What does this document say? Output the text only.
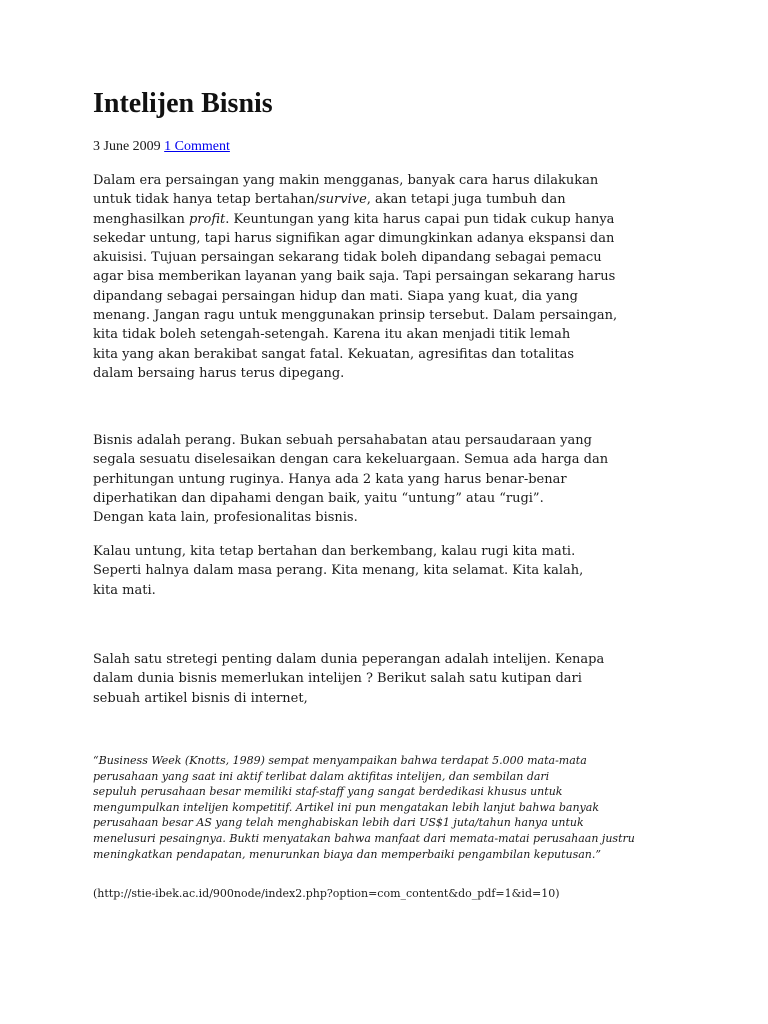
Intelijen Bisnis
3 June 2009 1 Comment

Dalam era persaingan yang makin mengganas, banyak cara harus dilakukan
untuk tidak hanya tetap bertahan/survive, akan tetapi juga tumbuh dan
menghasilkan profit. Keuntungan yang kita harus capai pun tidak cukup hanya
sekedar untung, tapi harus signifikan agar dimungkinkan adanya ekspansi dan
akuisisi. Tujuan persaingan sekarang tidak boleh dipandang sebagai pemacu
agar bisa memberikan layanan yang baik saja. Tapi persaingan sekarang harus
dipandang sebagai persaingan hidup dan mati. Siapa yang kuat, dia yang
menang. Jangan ragu untuk menggunakan prinsip tersebut. Dalam persaingan,
kita tidak boleh setengah-setengah. Karena itu akan menjadi titik lemah
kita yang akan berakibat sangat fatal. Kekuatan, agresifitas dan totalitas
dalam bersaing harus terus dipegang.

Bisnis adalah perang. Bukan sebuah persahabatan atau persaudaraan yang
segala sesuatu diselesaikan dengan cara kekeluargaan. Semua ada harga dan
perhitungan untung ruginya. Hanya ada 2 kata yang harus benar-benar
diperhatikan dan dipahami dengan baik, yaitu “untung” atau “rugi”.
Dengan kata lain, profesionalitas bisnis.

Kalau untung, kita tetap bertahan dan berkembang, kalau rugi kita mati.
Seperti halnya dalam masa perang. Kita menang, kita selamat. Kita kalah,
kita mati.

Salah satu stretegi penting dalam dunia peperangan adalah intelijen. Kenapa
dalam dunia bisnis memerlukan intelijen ? Berikut salah satu kutipan dari
sebuah artikel bisnis di internet,

“Business Week (Knotts, 1989) sempat menyampaikan bahwa terdapat 5.000 mata-mata
perusahaan yang saat ini aktif terlibat dalam aktifitas intelijen, dan sembilan dari
sepuluh perusahaan besar memiliki staf-staff yang sangat berdedikasi khusus untuk
mengumpulkan intelijen kompetitif. Artikel ini pun mengatakan lebih lanjut bahwa banyak
perusahaan besar AS yang telah menghabiskan lebih dari US$1 juta/tahun hanya untuk
menelusuri pesaingnya. Bukti menyatakan bahwa manfaat dari memata-matai perusahaan justru
meningkatkan pendapatan, menurunkan biaya dan memperbaiki pengambilan keputusan.”
(http://stie-ibek.ac.id/900node/index2.php?option=com_content&do_pdf=1&id=10)
